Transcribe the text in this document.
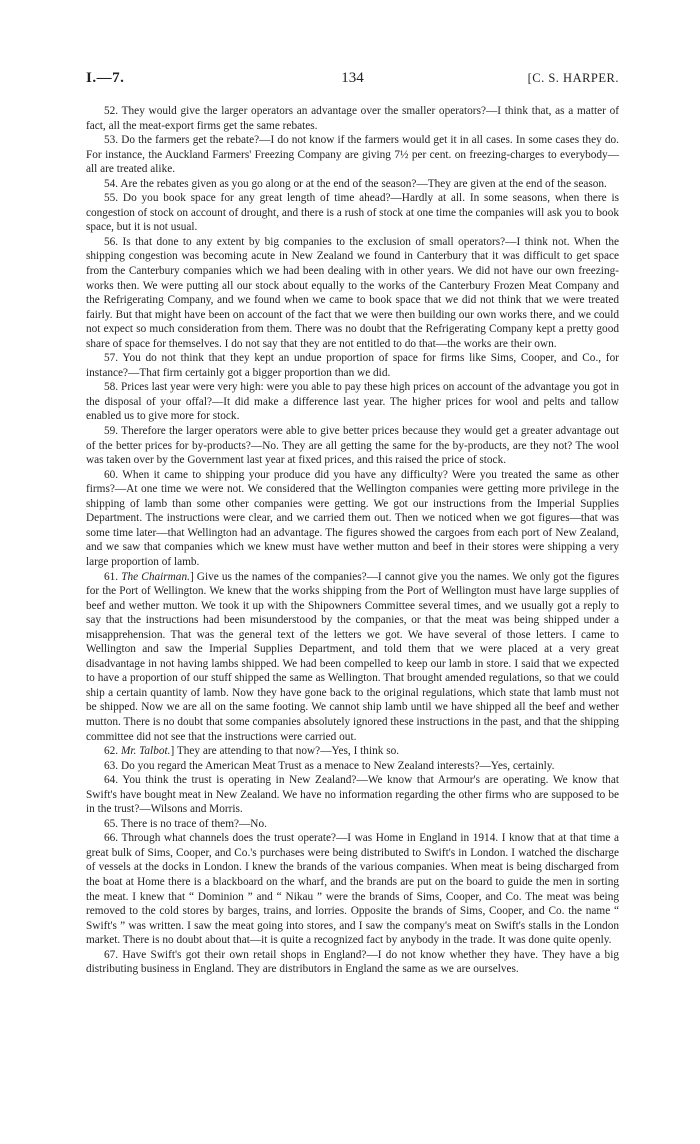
I.—7.	134	[C. S. HARPER.

52. They would give the larger operators an advantage over the smaller operators?—I think that, as a matter of fact, all the meat-export firms get the same rebates.

53. Do the farmers get the rebate?—I do not know if the farmers would get it in all cases. In some cases they do. For instance, the Auckland Farmers' Freezing Company are giving 7½ per cent. on freezing-charges to everybody—all are treated alike.

54. Are the rebates given as you go along or at the end of the season?—They are given at the end of the season.

55. Do you book space for any great length of time ahead?—Hardly at all. In some seasons, when there is congestion of stock on account of drought, and there is a rush of stock at one time the companies will ask you to book space, but it is not usual.

56. Is that done to any extent by big companies to the exclusion of small operators?—I think not. When the shipping congestion was becoming acute in New Zealand we found in Canterbury that it was difficult to get space from the Canterbury companies which we had been dealing with in other years. We did not have our own freezing-works then. We were putting all our stock about equally to the works of the Canterbury Frozen Meat Company and the Refrigerating Company, and we found when we came to book space that we did not think that we were treated fairly. But that might have been on account of the fact that we were then building our own works there, and we could not expect so much consideration from them. There was no doubt that the Refrigerating Company kept a pretty good share of space for themselves. I do not say that they are not entitled to do that—the works are their own.

57. You do not think that they kept an undue proportion of space for firms like Sims, Cooper, and Co., for instance?—That firm certainly got a bigger proportion than we did.

58. Prices last year were very high: were you able to pay these high prices on account of the advantage you got in the disposal of your offal?—It did make a difference last year. The higher prices for wool and pelts and tallow enabled us to give more for stock.

59. Therefore the larger operators were able to give better prices because they would get a greater advantage out of the better prices for by-products?—No. They are all getting the same for the by-products, are they not? The wool was taken over by the Government last year at fixed prices, and this raised the price of stock.

60. When it came to shipping your produce did you have any difficulty? Were you treated the same as other firms?—At one time we were not. We considered that the Wellington companies were getting more privilege in the shipping of lamb than some other companies were getting. We got our instructions from the Imperial Supplies Department. The instructions were clear, and we carried them out. Then we noticed when we got figures—that was some time later—that Wellington had an advantage. The figures showed the cargoes from each port of New Zealand, and we saw that companies which we knew must have wether mutton and beef in their stores were shipping a very large proportion of lamb.

61. The Chairman.] Give us the names of the companies?—I cannot give you the names. We only got the figures for the Port of Wellington. We knew that the works shipping from the Port of Wellington must have large supplies of beef and wether mutton. We took it up with the Shipowners Committee several times, and we usually got a reply to say that the instructions had been misunderstood by the companies, or that the meat was being shipped under a misapprehension. That was the general text of the letters we got. We have several of those letters. I came to Wellington and saw the Imperial Supplies Department, and told them that we were placed at a very great disadvantage in not having lambs shipped. We had been compelled to keep our lamb in store. I said that we expected to have a proportion of our stuff shipped the same as Wellington. That brought amended regulations, so that we could ship a certain quantity of lamb. Now they have gone back to the original regulations, which state that lamb must not be shipped. Now we are all on the same footing. We cannot ship lamb until we have shipped all the beef and wether mutton. There is no doubt that some companies absolutely ignored these instructions in the past, and that the shipping committee did not see that the instructions were carried out.

62. Mr. Talbot.] They are attending to that now?—Yes, I think so.

63. Do you regard the American Meat Trust as a menace to New Zealand interests?—Yes, certainly.

64. You think the trust is operating in New Zealand?—We know that Armour's are operating. We know that Swift's have bought meat in New Zealand. We have no information regarding the other firms who are supposed to be in the trust?—Wilsons and Morris.

65. There is no trace of them?—No.

66. Through what channels does the trust operate?—I was Home in England in 1914. I know that at that time a great bulk of Sims, Cooper, and Co.'s purchases were being distributed to Swift's in London. I watched the discharge of vessels at the docks in London. I knew the brands of the various companies. When meat is being discharged from the boat at Home there is a blackboard on the wharf, and the brands are put on the board to guide the men in sorting the meat. I knew that “ Dominion ” and “ Nikau ” were the brands of Sims, Cooper, and Co. The meat was being removed to the cold stores by barges, trains, and lorries. Opposite the brands of Sims, Cooper, and Co. the name “ Swift's ” was written. I saw the meat going into stores, and I saw the company's meat on Swift's stalls in the London market. There is no doubt about that—it is quite a recognized fact by anybody in the trade. It was done quite openly.

67. Have Swift's got their own retail shops in England?—I do not know whether they have. They have a big distributing business in England. They are distributors in England the same as we are ourselves.
